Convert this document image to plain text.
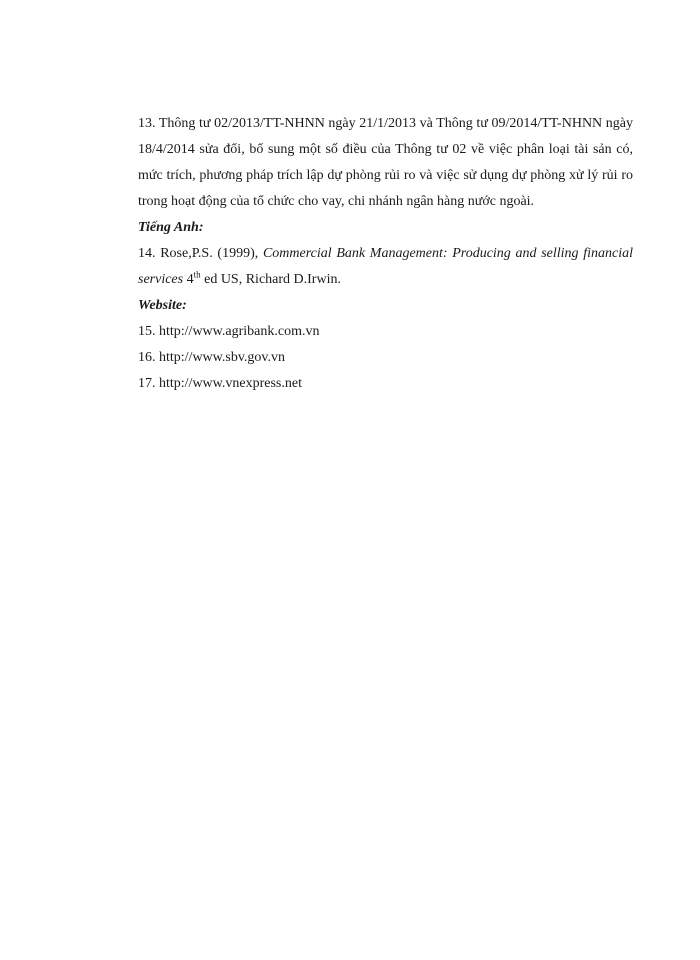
13. Thông tư 02/2013/TT-NHNN ngày 21/1/2013 và Thông tư 09/2014/TT-NHNN ngày 18/4/2014 sửa đổi, bổ sung một số điều của Thông tư 02 về việc phân loại tài sản có, mức trích, phương pháp trích lập dự phòng rủi ro và việc sử dụng dự phòng xử lý rủi ro trong hoạt động của tổ chức cho vay, chi nhánh ngân hàng nước ngoài.

Tiếng Anh:

14. Rose,P.S. (1999), Commercial Bank Management: Producing and selling financial services 4th ed US, Richard D.Irwin.

Website:

15. http://www.agribank.com.vn

16. http://www.sbv.gov.vn

17. http://www.vnexpress.net
